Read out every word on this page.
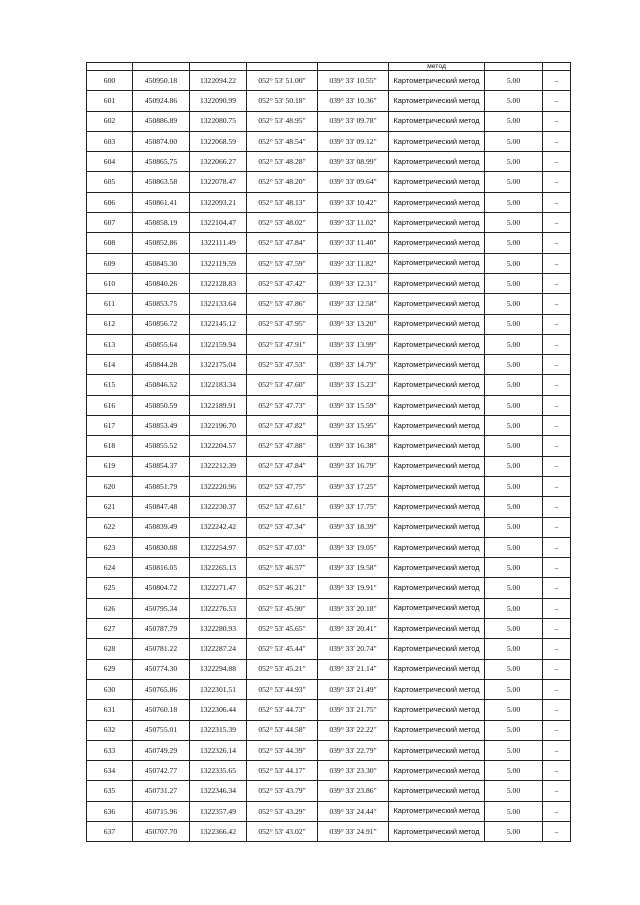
					метод		
600	450950.18	1322094.22	052° 53' 51.00"	039° 33' 10.55"	Картометрический метод	5.00	–
601	450924.86	1322090.99	052° 53' 50.18"	039° 33' 10.36"	Картометрический метод	5.00	–
602	450886.89	1322080.75	052° 53' 48.95"	039° 33' 09.78"	Картометрический метод	5.00	–
603	450874.00	1322068.59	052° 53' 48.54"	039° 33' 09.12"	Картометрический метод	5.00	–
604	450865.75	1322066.27	052° 53' 48.28"	039° 33' 08.99"	Картометрический метод	5.00	–
605	450863.58	1322078.47	052° 53' 48.20"	039° 33' 09.64"	Картометрический метод	5.00	–
606	450861.41	1322093.21	052° 53' 48.13"	039° 33' 10.42"	Картометрический метод	5.00	–
607	450858.19	1322104.47	052° 53' 48.02"	039° 33' 11.02"	Картометрический метод	5.00	–
608	450852.86	1322111.49	052° 53' 47.84"	039° 33' 11.40"	Картометрический метод	5.00	–
609	450845.30	1322119.59	052° 53' 47.59"	039° 33' 11.82"	Картометрический метод	5.00	–
610	450840.26	1322128.83	052° 53' 47.42"	039° 33' 12.31"	Картометрический метод	5.00	–
611	450853.75	1322133.64	052° 53' 47.86"	039° 33' 12.58"	Картометрический метод	5.00	–
612	450856.72	1322145.12	052° 53' 47.95"	039° 33' 13.20"	Картометрический метод	5.00	–
613	450855.64	1322159.94	052° 53' 47.91"	039° 33' 13.99"	Картометрический метод	5.00	–
614	450844.28	1322175.04	052° 53' 47.53"	039° 33' 14.79"	Картометрический метод	5.00	–
615	450846.52	1322183.34	052° 53' 47.60"	039° 33' 15.23"	Картометрический метод	5.00	–
616	450850.59	1322189.91	052° 53' 47.73"	039° 33' 15.59"	Картометрический метод	5.00	–
617	450853.49	1322196.70	052° 53' 47.82"	039° 33' 15.95"	Картометрический метод	5.00	–
618	450855.52	1322204.57	052° 53' 47.88"	039° 33' 16.38"	Картометрический метод	5.00	–
619	450854.37	1322212.39	052° 53' 47.84"	039° 33' 16.79"	Картометрический метод	5.00	–
620	450851.79	1322220.96	052° 53' 47.75"	039° 33' 17.25"	Картометрический метод	5.00	–
621	450847.48	1322230.37	052° 53' 47.61"	039° 33' 17.75"	Картометрический метод	5.00	–
622	450839.49	1322242.42	052° 53' 47.34"	039° 33' 18.39"	Картометрический метод	5.00	–
623	450830.08	1322254.97	052° 53' 47.03"	039° 33' 19.05"	Картометрический метод	5.00	–
624	450816.05	1322265.13	052° 53' 46.57"	039° 33' 19.58"	Картометрический метод	5.00	–
625	450804.72	1322271.47	052° 53' 46.21"	039° 33' 19.91"	Картометрический метод	5.00	–
626	450795.34	1322276.53	052° 53' 45.90"	039° 33' 20.18"	Картометрический метод	5.00	–
627	450787.79	1322280.93	052° 53' 45.65"	039° 33' 20.41"	Картометрический метод	5.00	–
628	450781.22	1322287.24	052° 53' 45.44"	039° 33' 20.74"	Картометрический метод	5.00	–
629	450774.30	1322294.88	052° 53' 45.21"	039° 33' 21.14"	Картометрический метод	5.00	–
630	450765.86	1322301.51	052° 53' 44.93"	039° 33' 21.49"	Картометрический метод	5.00	–
631	450760.18	1322306.44	052° 53' 44.73"	039° 33' 21.75"	Картометрический метод	5.00	–
632	450755.01	1322315.39	052° 53' 44.58"	039° 33' 22.22"	Картометрический метод	5.00	–
633	450749.29	1322326.14	052° 53' 44.39"	039° 33' 22.79"	Картометрический метод	5.00	–
634	450742.77	1322335.65	052° 53' 44.17"	039° 33' 23.30"	Картометрический метод	5.00	–
635	450731.27	1322346.34	052° 53' 43.79"	039° 33' 23.86"	Картометрический метод	5.00	–
636	450715.96	1322357.49	052° 53' 43.29"	039° 33' 24.44"	Картометрический метод	5.00	–
637	450707.70	1322366.42	052° 53' 43.02"	039° 33' 24.91"	Картометрический метод	5.00	–
